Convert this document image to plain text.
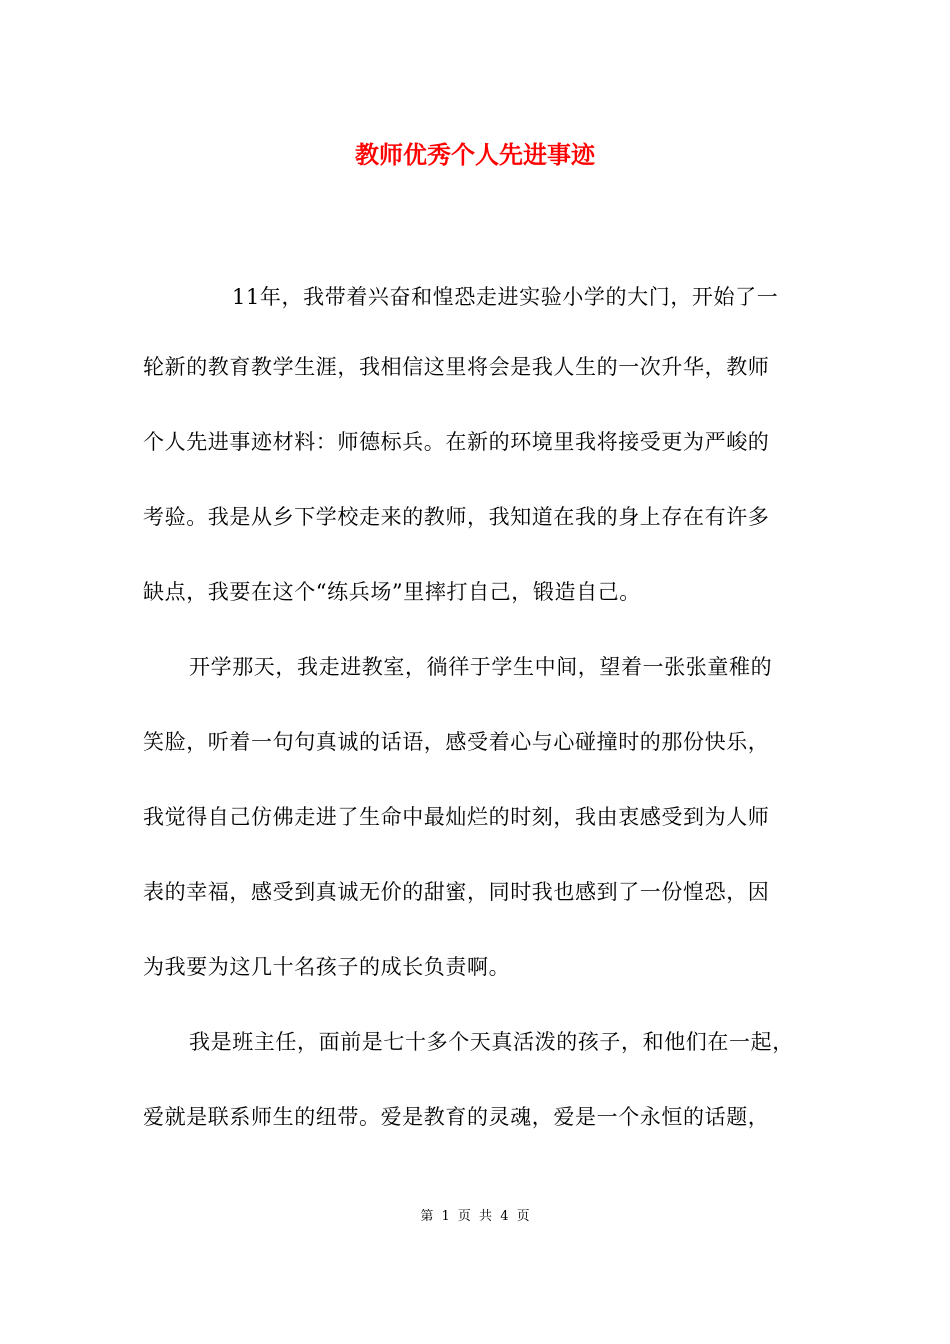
教师优秀个人先进事迹
11年，我带着兴奋和惶恐走进实验小学的大门，开始了一
轮新的教育教学生涯，我相信这里将会是我人生的一次升华，教师
个人先进事迹材料：师德标兵。在新的环境里我将接受更为严峻的
考验。我是从乡下学校走来的教师，我知道在我的身上存在有许多
缺点，我要在这个“练兵场”里摔打自己，锻造自己。
开学那天，我走进教室，徜徉于学生中间，望着一张张童稚的
笑脸，听着一句句真诚的话语，感受着心与心碰撞时的那份快乐，
我觉得自己仿佛走进了生命中最灿烂的时刻，我由衷感受到为人师
表的幸福，感受到真诚无价的甜蜜，同时我也感到了一份惶恐，因
为我要为这几十名孩子的成长负责啊。
我是班主任，面前是七十多个天真活泼的孩子，和他们在一起，
爱就是联系师生的纽带。爱是教育的灵魂，爱是一个永恒的话题，
第 1 页 共 4 页
